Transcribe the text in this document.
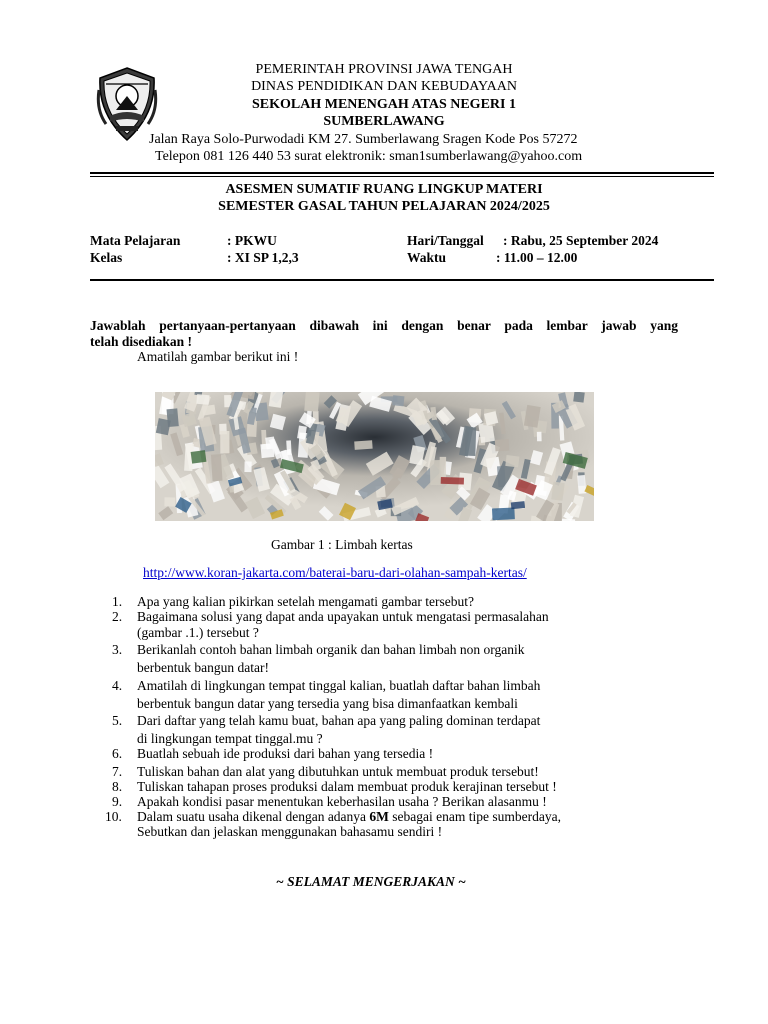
PEMERINTAH PROVINSI JAWA TENGAH
DINAS PENDIDIKAN DAN KEBUDAYAAN
SEKOLAH MENENGAH ATAS NEGERI 1
SUMBERLAWANG
Jalan Raya Solo-Purwodadi KM 27. Sumberlawang Sragen Kode Pos 57272
Telepon 081 126 440 53 surat elektronik: sman1sumberlawang@yahoo.com
ASESMEN SUMATIF RUANG LINGKUP MATERI
SEMESTER GASAL TAHUN PELAJARAN 2024/2025
Mata Pelajaran	: PKWU
Kelas	: XI SP 1,2,3
Hari/Tanggal : Rabu, 25 September 2024
Waktu	: 11.00 – 12.00
Jawablah pertanyaan-pertanyaan dibawah ini dengan benar pada lembar jawab yang
telah disediakan !
Amatilah gambar berikut ini !
Gambar 1 : Limbah kertas
http://www.koran-jakarta.com/baterai-baru-dari-olahan-sampah-kertas/
1. Apa yang kalian pikirkan setelah mengamati gambar tersebut?
2. Bagaimana solusi yang dapat anda upayakan untuk mengatasi permasalahan
(gambar .1.) tersebut ?
3. Berikanlah contoh bahan limbah organik dan bahan limbah non organik
berbentuk bangun datar!
4. Amatilah di lingkungan tempat tinggal kalian, buatlah daftar bahan limbah
berbentuk bangun datar yang tersedia yang bisa dimanfaatkan kembali
5. Dari daftar yang telah kamu buat, bahan apa yang paling dominan terdapat
di lingkungan tempat tinggal.mu ?
6. Buatlah sebuah ide produksi dari bahan yang tersedia !
7. Tuliskan bahan dan alat yang dibutuhkan untuk membuat produk tersebut!
8. Tuliskan tahapan proses produksi dalam membuat produk kerajinan tersebut !
9. Apakah kondisi pasar menentukan keberhasilan usaha ? Berikan alasanmu !
10. Dalam suatu usaha dikenal dengan adanya 6M sebagai enam tipe sumberdaya,
Sebutkan dan jelaskan menggunakan bahasamu sendiri !
~ SELAMAT MENGERJAKAN ~
